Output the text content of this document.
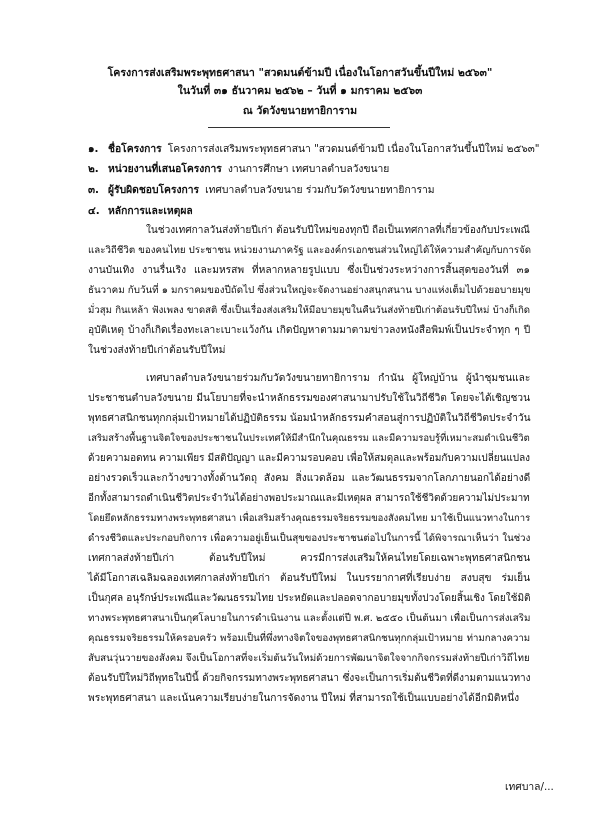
โครงการส่งเสริมพระพุทธศาสนา "สวดมนต์ข้ามปี เนื่องในโอกาสวันขึ้นปีใหม่ ๒๕๖๓"
ในวันที่ ๓๑ ธันวาคม ๒๕๖๒ – วันที่ ๑ มกราคม ๒๕๖๓
ณ วัดวังขนายทายิการาม
๑. ชื่อโครงการ โครงการส่งเสริมพระพุทธศาสนา "สวดมนต์ข้ามปี เนื่องในโอกาสวันขึ้นปีใหม่ ๒๕๖๓"
๒. หน่วยงานที่เสนอโครงการ งานการศึกษา เทศบาลตำบลวังขนาย
๓. ผู้รับผิดชอบโครงการ เทศบาลตำบลวังขนาย ร่วมกับวัดวังขนายทายิการาม
๔. หลักการและเหตุผล
ในช่วงเทศกาลวันส่งท้ายปีเก่า ต้อนรับปีใหม่ของทุกปี ถือเป็นเทศกาลที่เกี่ยวข้องกับประเพณี
และวิถีชีวิต ของคนไทย ประชาชน หน่วยงานภาครัฐ และองค์กรเอกชนส่วนใหญ่ได้ให้ความสำคัญกับการจัด
งานบันเทิง งานรื่นเริง และมหรสพ ที่หลากหลายรูปแบบ ซึ่งเป็นช่วงระหว่างการสิ้นสุดของวันที่ ๓๑
ธันวาคม กับวันที่ ๑ มกราคมของปีถัดไป ซึ่งส่วนใหญ่จะจัดงานอย่างสนุกสนาน บางแห่งเต็มไปด้วยอบายมุข
มั่วสุม กินเหล้า ฟังเพลง ขาดสติ ซึ่งเป็นเรื่องส่งเสริมให้มีอบายมุขในคืนวันส่งท้ายปีเก่าต้อนรับปีใหม่ บ้างก็เกิด
อุบัติเหตุ บ้างก็เกิดเรื่องทะเลาะเบาะแว้งกัน เกิดปัญหาตามมาตามข่าวลงหนังสือพิมพ์เป็นประจำทุก ๆ ปี
ในช่วงส่งท้ายปีเก่าต้อนรับปีใหม่
เทศบาลตำบลวังขนายร่วมกับวัดวังขนายทายิการาม กำนัน ผู้ใหญ่บ้าน ผู้นำชุมชนและ
ประชาชนตำบลวังขนาย มีนโยบายที่จะนำหลักธรรมของศาสนามาปรับใช้ในวิถีชีวิต โดยจะได้เชิญชวน
พุทธศาสนิกชนทุกกลุ่มเป้าหมายได้ปฏิบัติธรรม น้อมนำหลักธรรมคำสอนสู่การปฏิบัติในวิถีชีวิตประจำวัน
เสริมสร้างพื้นฐานจิตใจของประชาชนในประเทศให้มีสำนึกในคุณธรรม และมีความรอบรู้ที่เหมาะสมดำเนินชีวิต
ด้วยความอดทน ความเพียร มีสติปัญญา และมีความรอบคอบ เพื่อให้สมดุลและพร้อมกับความเปลี่ยนแปลง
อย่างรวดเร็วและกว้างขวางทั้งด้านวัตถุ สังคม สิ่งแวดล้อม และวัฒนธรรมจากโลกภายนอกได้อย่างดี
อีกทั้งสามารถดำเนินชีวิตประจำวันได้อย่างพอประมาณและมีเหตุผล สามารถใช้ชีวิตด้วยความไม่ประมาท
โดยยึดหลักธรรมทางพระพุทธศาสนา เพื่อเสริมสร้างคุณธรรมจริยธรรมของสังคมไทย มาใช้เป็นแนวทางในการ
ดำรงชีวิตและประกอบกิจการ เพื่อความอยู่เย็นเป็นสุขของประชาชนต่อไปในการนี้ ได้พิจารณาเห็นว่า ในช่วง
เทศกาลส่งท้ายปีเก่า ต้อนรับปีใหม่ ควรมีการส่งเสริมให้คนไทยโดยเฉพาะพุทธศาสนิกชน
ได้มีโอกาสเฉลิมฉลองเทศกาลส่งท้ายปีเก่า ต้อนรับปีใหม่ ในบรรยากาศที่เรียบง่าย สงบสุข ร่มเย็น
เป็นกุศล อนุรักษ์ประเพณีและวัฒนธรรมไทย ประหยัดและปลอดจากอบายมุขทั้งปวงโดยสิ้นเชิง โดยใช้มิติ
ทางพระพุทธศาสนาเป็นกุศโลบายในการดำเนินงาน และตั้งแต่ปี พ.ศ. ๒๕๕๐ เป็นต้นมา เพื่อเป็นการส่งเสริม
คุณธรรมจริยธรรมให้ครอบครัว พร้อมเป็นที่พึ่งทางจิตใจของพุทธศาสนิกชนทุกกลุ่มเป้าหมาย ท่ามกลางความ
สับสนวุ่นวายของสังคม จึงเป็นโอกาสที่จะเริ่มต้นวันใหม่ด้วยการพัฒนาจิตใจจากกิจกรรมส่งท้ายปีเก่าวิถีไทย
ต้อนรับปีใหม่วิถีพุทธในปีนี้ ด้วยกิจกรรมทางพระพุทธศาสนา ซึ่งจะเป็นการเริ่มต้นชีวิตที่ดีงามตามแนวทาง
พระพุทธศาสนา และเน้นความเรียบง่ายในการจัดงาน ปีใหม่ ที่สามารถใช้เป็นแบบอย่างได้อีกมิติหนึ่ง
เทศบาล/...
